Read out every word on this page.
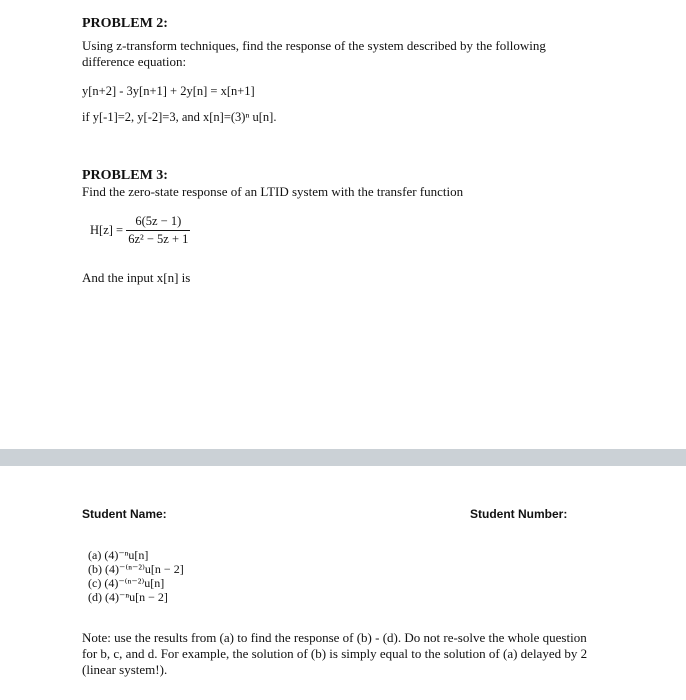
PROBLEM 2:
Using z-transform techniques, find the response of the system described by the following
difference equation:
y[n+2] - 3y[n+1] + 2y[n] = x[n+1]
if y[-1]=2, y[-2]=3, and x[n]=(3)ⁿ u[n].
PROBLEM 3:
Find the zero-state response of an LTID system with the transfer function
$H[z] = \frac{6(5z - 1)}{\text{6z² − 5z + 1}}$
And the input x[n] is
Student Name:	Student Number:
(a) (4)⁻ⁿu[n]
(b) (4)⁻⁽ⁿ⁻²⁾u[n − 2]
(c) (4)⁻⁽ⁿ⁻²⁾u[n]
(d) (4)⁻ⁿu[n − 2]
Note: use the results from (a) to find the response of (b) - (d). Do not re-solve the whole question
for b, c, and d. For example, the solution of (b) is simply equal to the solution of (a) delayed by 2
(linear system!).
